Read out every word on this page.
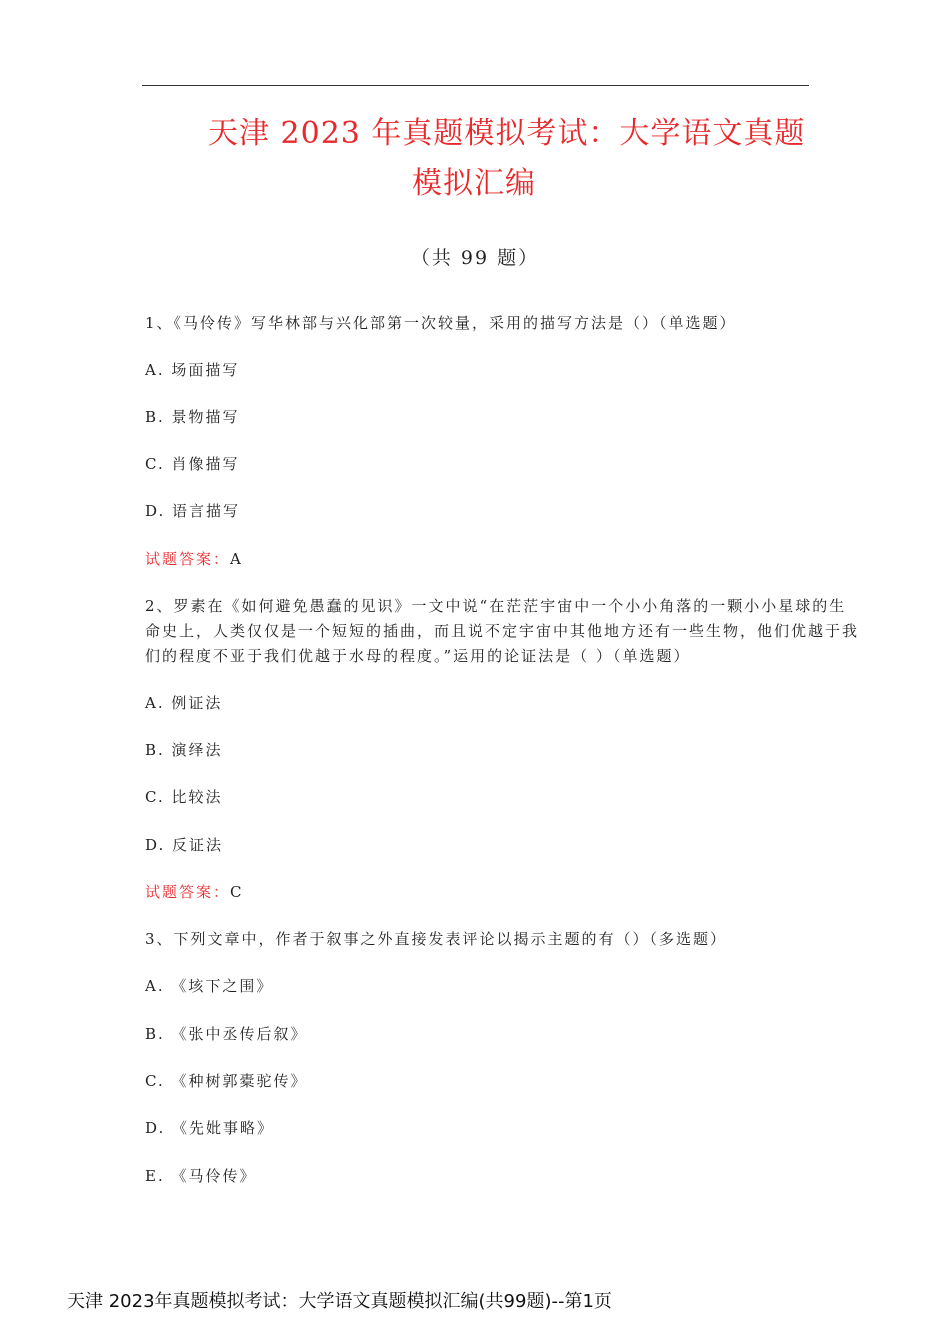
天津 2023 年真题模拟考试：大学语文真题
模拟汇编
（共 99 题）
1、《马伶传》写华林部与兴化部第一次较量，采用的描写方法是（）（单选题）
A. 场面描写
B. 景物描写
C. 肖像描写
D. 语言描写
试题答案：A
2、罗素在《如何避免愚蠢的见识》一文中说“在茫茫宇宙中一个小小角落的一颗小小星球的生
命史上，人类仅仅是一个短短的插曲，而且说不定宇宙中其他地方还有一些生物，他们优越于我
们的程度不亚于我们优越于水母的程度。”运用的论证法是（ ）（单选题）
A. 例证法
B. 演绎法
C. 比较法
D. 反证法
试题答案：C
3、下列文章中，作者于叙事之外直接发表评论以揭示主题的有（）（多选题）
A. 《垓下之围》
B. 《张中丞传后叙》
C. 《种树郭橐驼传》
D. 《先妣事略》
E. 《马伶传》
天津 2023年真题模拟考试：大学语文真题模拟汇编(共99题)--第1页
